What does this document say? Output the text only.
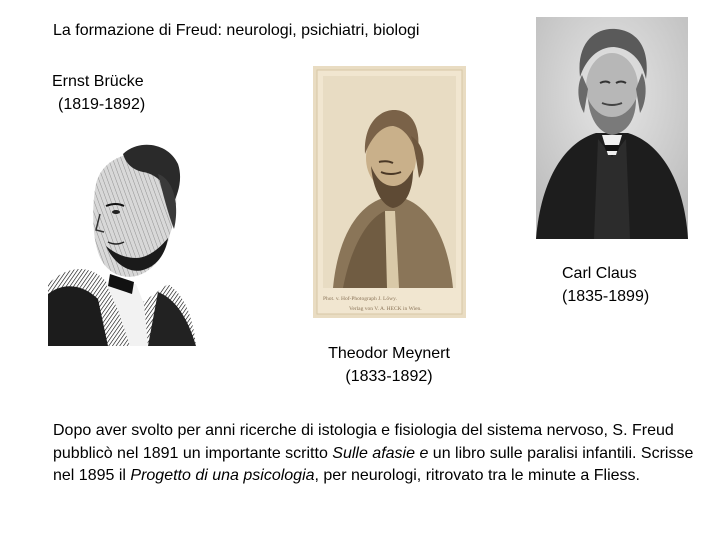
La formazione di Freud: neurologi, psichiatri, biologi
Ernst Brücke
(1819-1892)
Phot. v. Hof-Photograph J. Löwy.
Verlag von V. A. HECK in Wien.
Theodor Meynert
(1833-1892)
Carl Claus
(1835-1899)
Dopo aver svolto per anni ricerche di istologia e fisiologia del sistema nervoso, S. Freud pubblicò nel 1891 un importante scritto Sulle afasie e un libro sulle paralisi infantili. Scrisse nel 1895 il Progetto di una psicologia, per neurologi, ritrovato tra le minute a Fliess.
